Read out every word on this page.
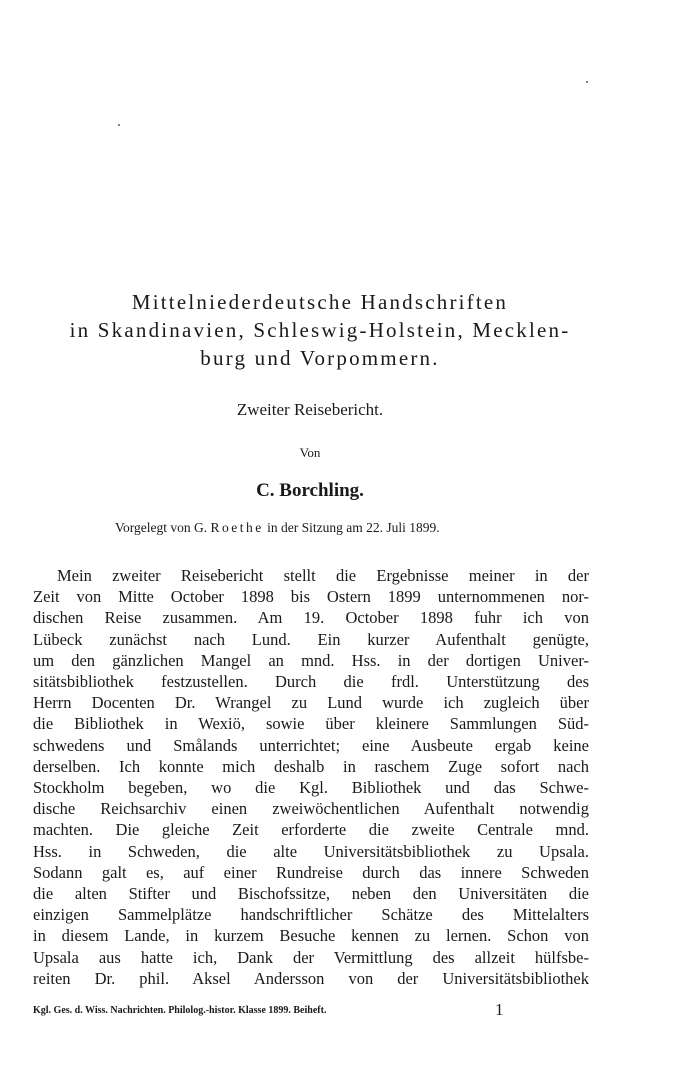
Mittelniederdeutsche Handschriften
in Skandinavien, Schleswig-Holstein, Mecklen-
burg und Vorpommern.
Zweiter Reisebericht.
Von
C. Borchling.
Vorgelegt von G. Roethe in der Sitzung am 22. Juli 1899.
Mein zweiter Reisebericht stellt die Ergebnisse meiner in der
Zeit von Mitte October 1898 bis Ostern 1899 unternommenen nor-
dischen Reise zusammen. Am 19. October 1898 fuhr ich von
Lübeck zunächst nach Lund. Ein kurzer Aufenthalt genügte,
um den gänzlichen Mangel an mnd. Hss. in der dortigen Univer-
sitätsbibliothek festzustellen. Durch die frdl. Unterstützung des
Herrn Docenten Dr. Wrangel zu Lund wurde ich zugleich über
die Bibliothek in Wexiö, sowie über kleinere Sammlungen Süd-
schwedens und Smålands unterrichtet; eine Ausbeute ergab keine
derselben. Ich konnte mich deshalb in raschem Zuge sofort nach
Stockholm begeben, wo die Kgl. Bibliothek und das Schwe-
dische Reichsarchiv einen zweiwöchentlichen Aufenthalt notwendig
machten. Die gleiche Zeit erforderte die zweite Centrale mnd.
Hss. in Schweden, die alte Universitätsbibliothek zu Upsala.
Sodann galt es, auf einer Rundreise durch das innere Schweden
die alten Stifter und Bischofssitze, neben den Universitäten die
einzigen Sammelplätze handschriftlicher Schätze des Mittelalters
in diesem Lande, in kurzem Besuche kennen zu lernen. Schon von
Upsala aus hatte ich, Dank der Vermittlung des allzeit hülfsbe-
reiten Dr. phil. Aksel Andersson von der Universitätsbibliothek
Kgl. Ges. d. Wiss. Nachrichten. Philolog.-histor. Klasse 1899. Beiheft.	1
